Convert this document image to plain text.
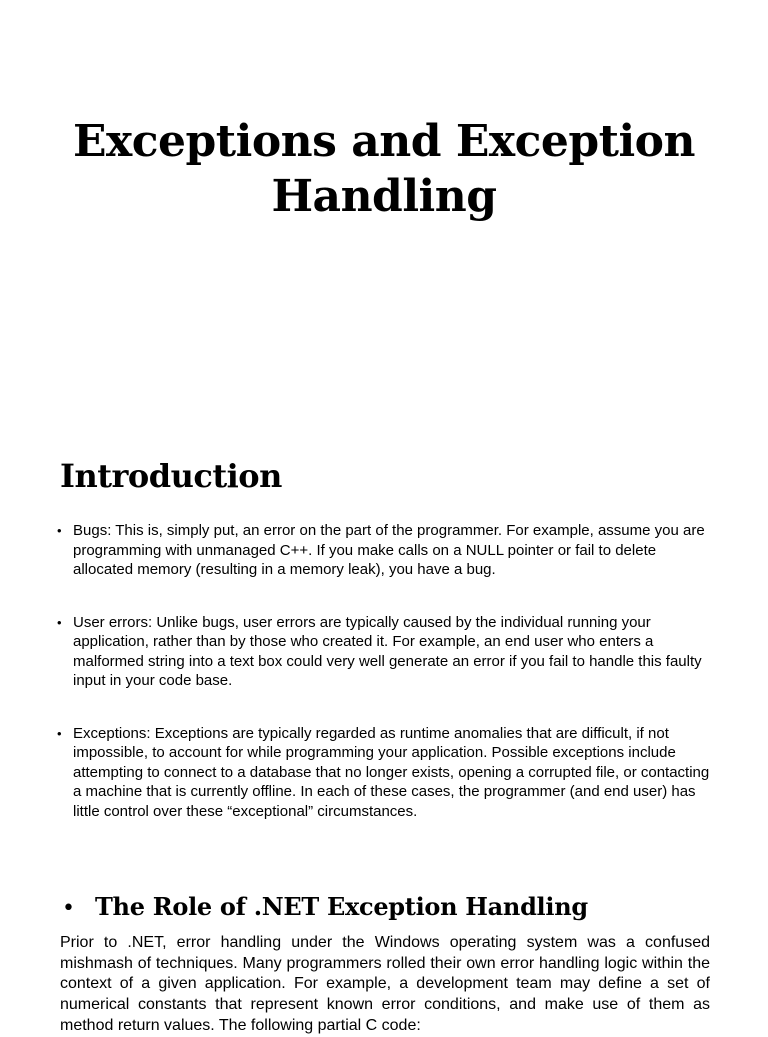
Exceptions and Exception Handling
Introduction
• Bugs: This is, simply put, an error on the part of the programmer. For example, assume you are programming with unmanaged C++. If you make calls on a NULL pointer or fail to delete allocated memory (resulting in a memory leak), you have a bug.
• User errors: Unlike bugs, user errors are typically caused by the individual running your application, rather than by those who created it. For example, an end user who enters a malformed string into a text box could very well generate an error if you fail to handle this faulty input in your code base.
• Exceptions: Exceptions are typically regarded as runtime anomalies that are difficult, if not impossible, to account for while programming your application. Possible exceptions include attempting to connect to a database that no longer exists, opening a corrupted file, or contacting a machine that is currently offline. In each of these cases, the programmer (and end user) has little control over these “exceptional” circumstances.
• The Role of .NET Exception Handling

Prior to .NET, error handling under the Windows operating system was a confused mishmash of techniques. Many programmers rolled their own error handling logic within the context of a given application. For example, a development team may define a set of numerical constants that represent known error conditions, and make use of them as method return values. The following partial C code:
